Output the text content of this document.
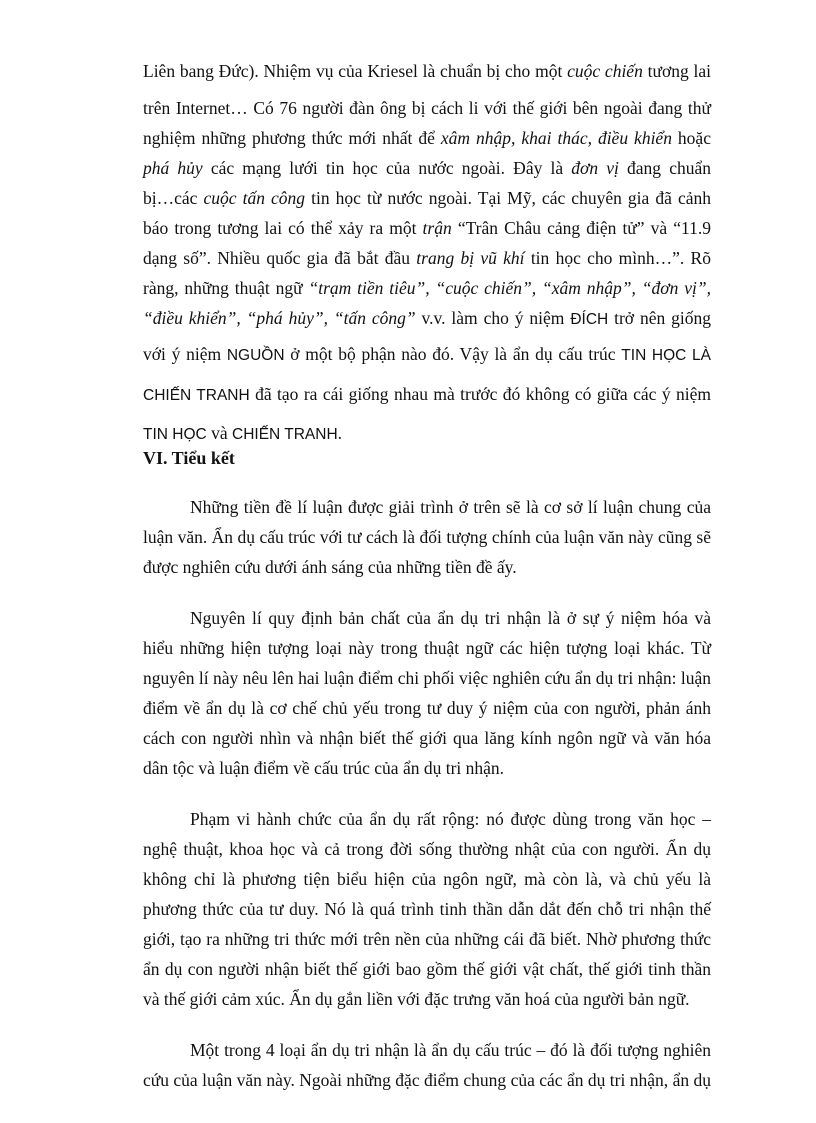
Liên bang Đức). Nhiệm vụ của Kriesel là chuẩn bị cho một cuộc chiến tương lai
trên Internet… Có 76 người đàn ông bị cách li với thế giới bên ngoài đang thử
nghiệm những phương thức mới nhất để xâm nhập, khai thác, điều khiển hoặc
phá hủy các mạng lưới tin học của nước ngoài. Đây là đơn vị đang chuẩn
bị…các cuộc tấn công tin học từ nước ngoài. Tại Mỹ, các chuyên gia đã cảnh
báo trong tương lai có thể xảy ra một trận “Trân Châu cảng điện tử” và “11.9
dạng số”. Nhiều quốc gia đã bắt đầu trang bị vũ khí tin học cho mình…”. Rõ
ràng, những thuật ngữ “trạm tiền tiêu”, “cuộc chiến”, “xâm nhập”, “đơn vị”,
“điều khiển”, “phá hủy”, “tấn công” v.v. làm cho ý niệm ĐÍCH trở nên giống
với ý niệm NGUỒN ở một bộ phận nào đó. Vậy là ẩn dụ cấu trúc TIN HỌC LÀ
CHIẾN TRANH đã tạo ra cái giống nhau mà trước đó không có giữa các ý niệm
TIN HỌC và CHIẾN TRANH.
VI. Tiểu kết
Những tiền đề lí luận được giải trình ở trên sẽ là cơ sở lí luận chung của
luận văn. Ẩn dụ cấu trúc với tư cách là đối tượng chính của luận văn này cũng sẽ
được nghiên cứu dưới ánh sáng của những tiền đề ấy.
Nguyên lí quy định bản chất của ẩn dụ tri nhận là ở sự ý niệm hóa và
hiểu những hiện tượng loại này trong thuật ngữ các hiện tượng loại khác. Từ
nguyên lí này nêu lên hai luận điểm chi phối việc nghiên cứu ẩn dụ tri nhận: luận
điểm về ẩn dụ là cơ chế chủ yếu trong tư duy ý niệm của con người, phản ánh
cách con người nhìn và nhận biết thế giới qua lăng kính ngôn ngữ và văn hóa
dân tộc và luận điểm về cấu trúc của ẩn dụ tri nhận.
Phạm vi hành chức của ẩn dụ rất rộng: nó được dùng trong văn học –
nghệ thuật, khoa học và cả trong đời sống thường nhật của con người. Ẩn dụ
không chỉ là phương tiện biểu hiện của ngôn ngữ, mà còn là, và chủ yếu là
phương thức của tư duy. Nó là quá trình tinh thần dẫn dắt đến chỗ tri nhận thế
giới, tạo ra những tri thức mới trên nền của những cái đã biết. Nhờ phương thức
ẩn dụ con người nhận biết thế giới bao gồm thế giới vật chất, thế giới tinh thần
và thế giới cảm xúc. Ẩn dụ gắn liền với đặc trưng văn hoá của người bản ngữ.
Một trong 4 loại ẩn dụ tri nhận là ẩn dụ cấu trúc – đó là đối tượng nghiên
cứu của luận văn này. Ngoài những đặc điểm chung của các ẩn dụ tri nhận, ẩn dụ
